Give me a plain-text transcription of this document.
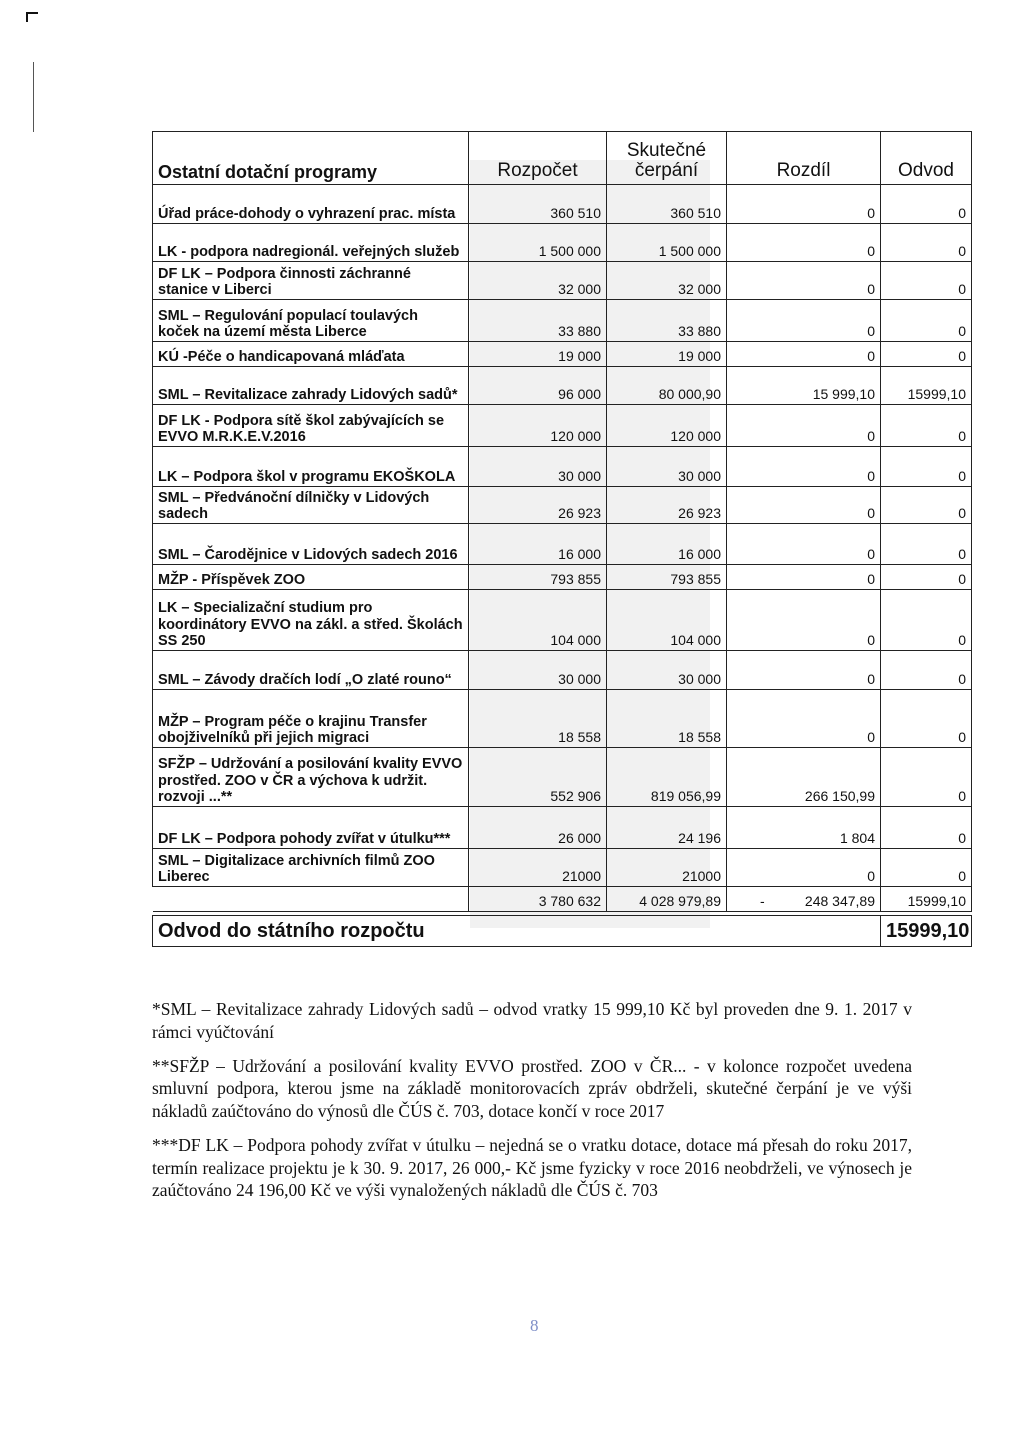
Ostatní dotační programy	Rozpočet	Skutečné čerpání	Rozdíl	Odvod
Úřad práce-dohody o vyhrazení prac. místa	360 510	360 510	0	0
LK - podpora nadregionál. veřejných služeb	1 500 000	1 500 000	0	0
DF LK – Podpora činnosti záchranné stanice v Liberci	32 000	32 000	0	0
SML – Regulování populací toulavých koček na území města Liberce	33 880	33 880	0	0
KÚ -Péče o handicapovaná mláďata	19 000	19 000	0	0
SML – Revitalizace zahrady Lidových sadů*	96 000	80 000,90	15 999,10	15999,10
DF LK - Podpora sítě škol zabývajících se EVVO M.R.K.E.V.2016	120 000	120 000	0	0
LK – Podpora škol v programu EKOŠKOLA	30 000	30 000	0	0
SML – Předvánoční dílničky v Lidových sadech	26 923	26 923	0	0
SML – Čarodějnice v Lidových sadech 2016	16 000	16 000	0	0
MŽP - Příspěvek ZOO	793 855	793 855	0	0
LK – Specializační studium pro koordinátory EVVO na zákl. a střed. Školách SS 250	104 000	104 000	0	0
SML – Závody dračích lodí „O zlaté rouno“	30 000	30 000	0	0
MŽP – Program péče o krajinu Transfer obojživelníků při jejich migraci	18 558	18 558	0	0
SFŽP – Udržování a posilování kvality EVVO prostřed. ZOO v ČR a výchova k udržit. rozvoji ...**	552 906	819 056,99	266 150,99	0
DF LK – Podpora pohody zvířat v útulku***	26 000	24 196	1 804	0
SML – Digitalizace archivních filmů ZOO Liberec	21000	21000	0	0
	3 780 632	4 028 979,89	- 248 347,89	15999,10

Odvod do státního rozpočtu				15999,10

*SML – Revitalizace zahrady Lidových sadů – odvod vratky 15 999,10 Kč byl proveden dne 9. 1. 2017 v rámci vyúčtování

**SFŽP – Udržování a posilování kvality EVVO prostřed. ZOO v ČR... - v kolonce rozpočet uvedena smluvní podpora, kterou jsme na základě monitorovacích zpráv obdrželi, skutečné čerpání je ve výši nákladů zaúčtováno do výnosů dle ČÚS č. 703, dotace končí v roce 2017

***DF LK – Podpora pohody zvířat v útulku – nejedná se o vratku dotace, dotace má přesah do roku 2017, termín realizace projektu je k 30. 9. 2017, 26 000,- Kč jsme fyzicky v roce 2016 neobdrželi, ve výnosech je zaúčtováno 24 196,00 Kč ve výši vynaložených nákladů dle ČÚS č. 703

8
